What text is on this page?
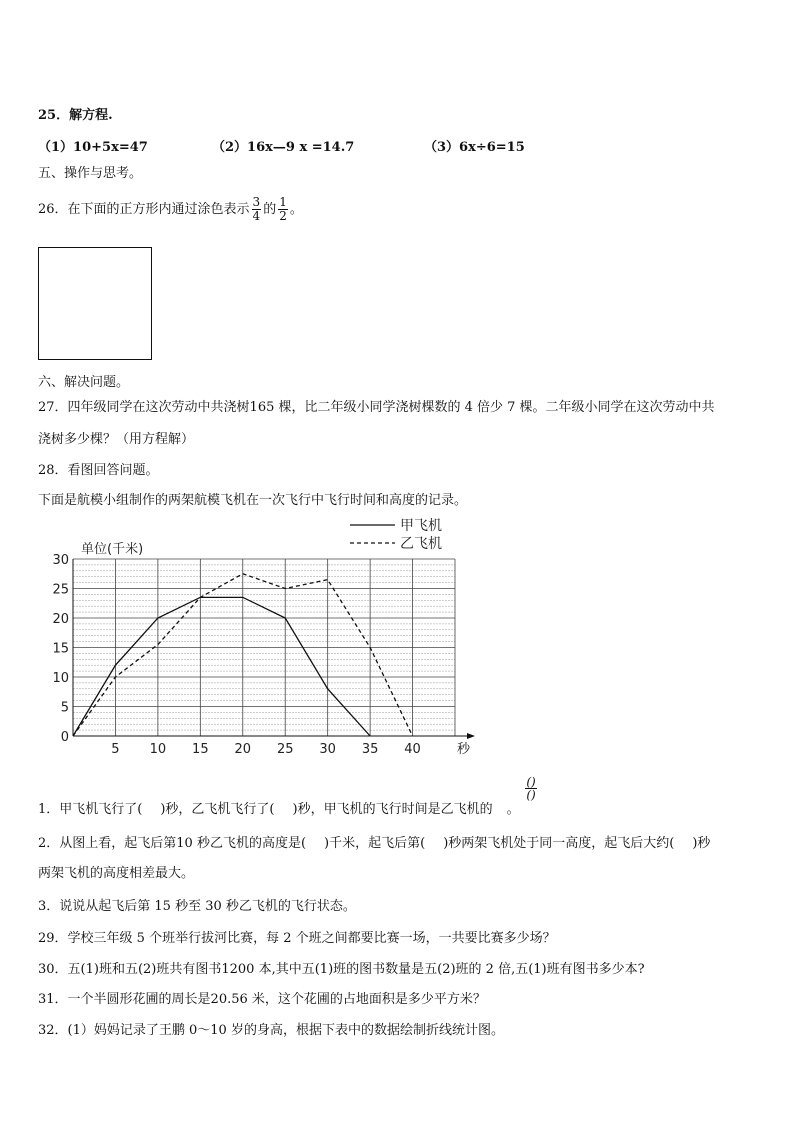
25．解方程.
（1）10+5x=47	（2）16x—9 x =14.7	（3）6x÷6=15
五、操作与思考。
26．在下面的正方形内通过涂色表示 $\frac{3}{4}$ 的 $\frac{1}{2}$ 。
六、解决问题。
27．四年级同学在这次劳动中共浇树165 棵，比二年级小同学浇树棵数的 4 倍少 7 棵。二年级小同学在这次劳动中共
浇树多少棵？（用方程解）
28．看图回答问题。
下面是航模小组制作的两架航模飞机在一次飞行中飞行时间和高度的记录。
0
5
10
15
20
25
30
5 10 15 20 25 30 35 40
单位(千米)
秒
甲飞机
乙飞机
()
()
1．甲飞机飞行了( )秒，乙飞机飞行了( )秒，甲飞机的飞行时间是乙飞机的 。
2．从图上看，起飞后第10 秒乙飞机的高度是( )千米，起飞后第( )秒两架飞机处于同一高度，起飞后大约( )秒
两架飞机的高度相差最大。
3．说说从起飞后第 15 秒至 30 秒乙飞机的飞行状态。
29．学校三年级 5 个班举行拔河比赛，每 2 个班之间都要比赛一场，一共要比赛多少场？
30．五(1)班和五(2)班共有图书1200 本,其中五(1)班的图书数量是五(2)班的 2 倍,五(1)班有图书多少本?
31．一个半圆形花圃的周长是20.56 米，这个花圃的占地面积是多少平方米？
32．(1）妈妈记录了王鹏 0～10 岁的身高，根据下表中的数据绘制折线统计图。
